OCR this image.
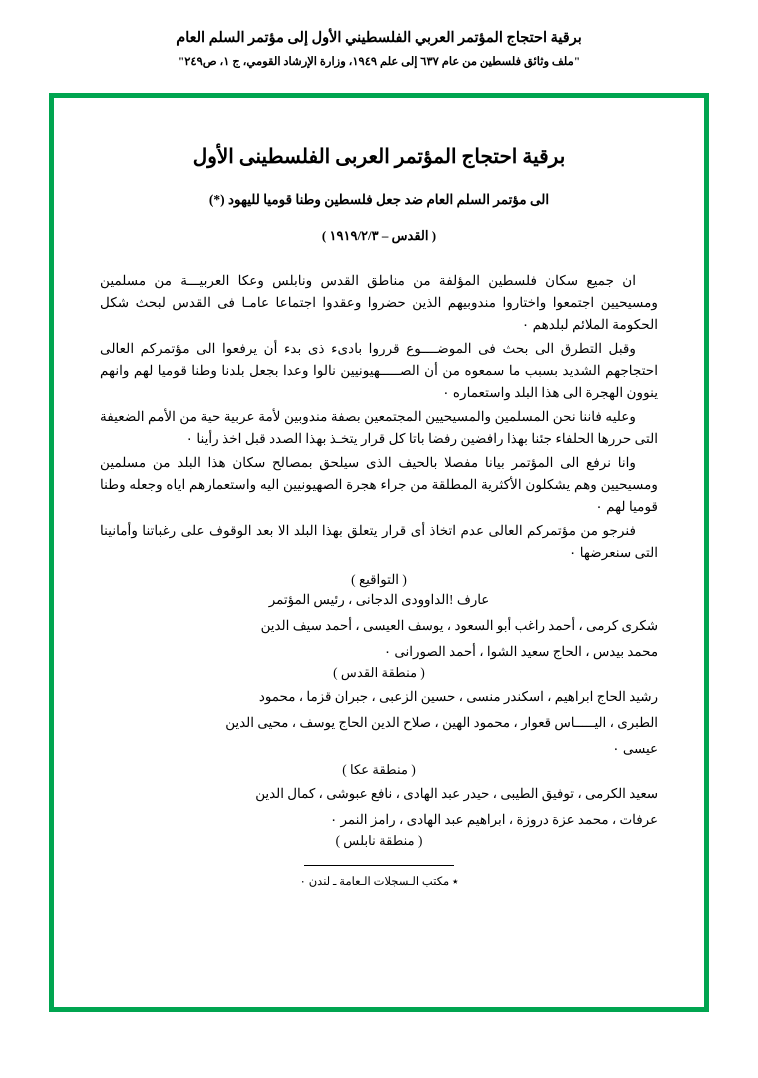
برقية احتجاج المؤتمر العربي الفلسطيني الأول إلى مؤتمر السلم العام
"ملف وثائق فلسطين من عام ٦٣٧ إلى علم ١٩٤٩، وزارة الإرشاد القومي، ج ١، ص٢٤٩"
برقية احتجاج المؤتمر العربى الفلسطينى الأول
الى مؤتمر السلم العام ضد جعل فلسطين وطنا قوميا لليهود (*)
( القدس – ١٩١٩/٢/٣ )

ان جميع سكان فلسطين المؤلفة من مناطق القدس ونابلس وعكا العربيـــة من مسلمين ومسيحيين اجتمعوا واختاروا مندوبيهم الذين حضروا وعقدوا اجتماعا عامـا فى القدس لبحث شكل الحكومة الملائم لبلدهم ٠

وقبل التطرق الى بحث فى الموضــــوع قرروا بادىء ذى بدء أن يرفعوا الى مؤتمركم العالى احتجاجهم الشديد بسبب ما سمعوه من أن الصـــــهيونيين نالوا وعدا بجعل بلدنا وطنا قوميا لهم وانهم ينوون الهجرة الى هذا البلد واستعماره ٠

وعليه فاننا نحن المسلمين والمسيحيين المجتمعين بصفة مندوبين لأمة عربية حية من الأمم الضعيفة التى حررها الحلفاء جئنا بهذا رافضين رفضا باتا كل قرار يتخـذ بهذا الصدد قبل اخذ رأينا ٠

وانا نرفع الى المؤتمر بيانا مفصلا بالحيف الذى سيلحق بمصالح سكان هذا البلد من مسلمين ومسيحيين وهم يشكلون الأكثرية المطلقة من جراء هجرة الصهيونيين اليه واستعمارهم اياه وجعله وطنا قوميا لهم ٠

فنرجو من مؤتمركم العالى عدم اتخاذ أى قرار يتعلق بهذا البلد الا بعد الوقوف على رغباتنا وأمانينا التى سنعرضها ٠

( التواقيع )

عارف !الداوودى الدجانى ، رئيس المؤتمر

شكرى كرمى ، أحمد راغب أبو السعود ، يوسف العيسى ، أحمد سيف الدين

محمد بيدس ، الحاج سعيد الشوا ، أحمد الصورانى ٠

( منطقة القدس )

رشيد الحاج ابراهيم ، اسكندر منسى ، حسين الزعبى ، جبران قزما ، محمود

الطبرى ، اليـــــاس قعوار ، محمود الهين ، صلاح الدين الحاج يوسف ، محيى الدين

عيسى ٠

( منطقة عكا )

سعيد الكرمى ، توفيق الطيبى ، حيدر عبد الهادى ، نافع عبوشى ، كمال الدين

عرفات ، محمد عزة دروزة ، ابراهيم عبد الهادى ، رامز النمر ٠

( منطقة نابلس )
٭ مكتب الـسجلات الـعامة ـ لندن ٠
